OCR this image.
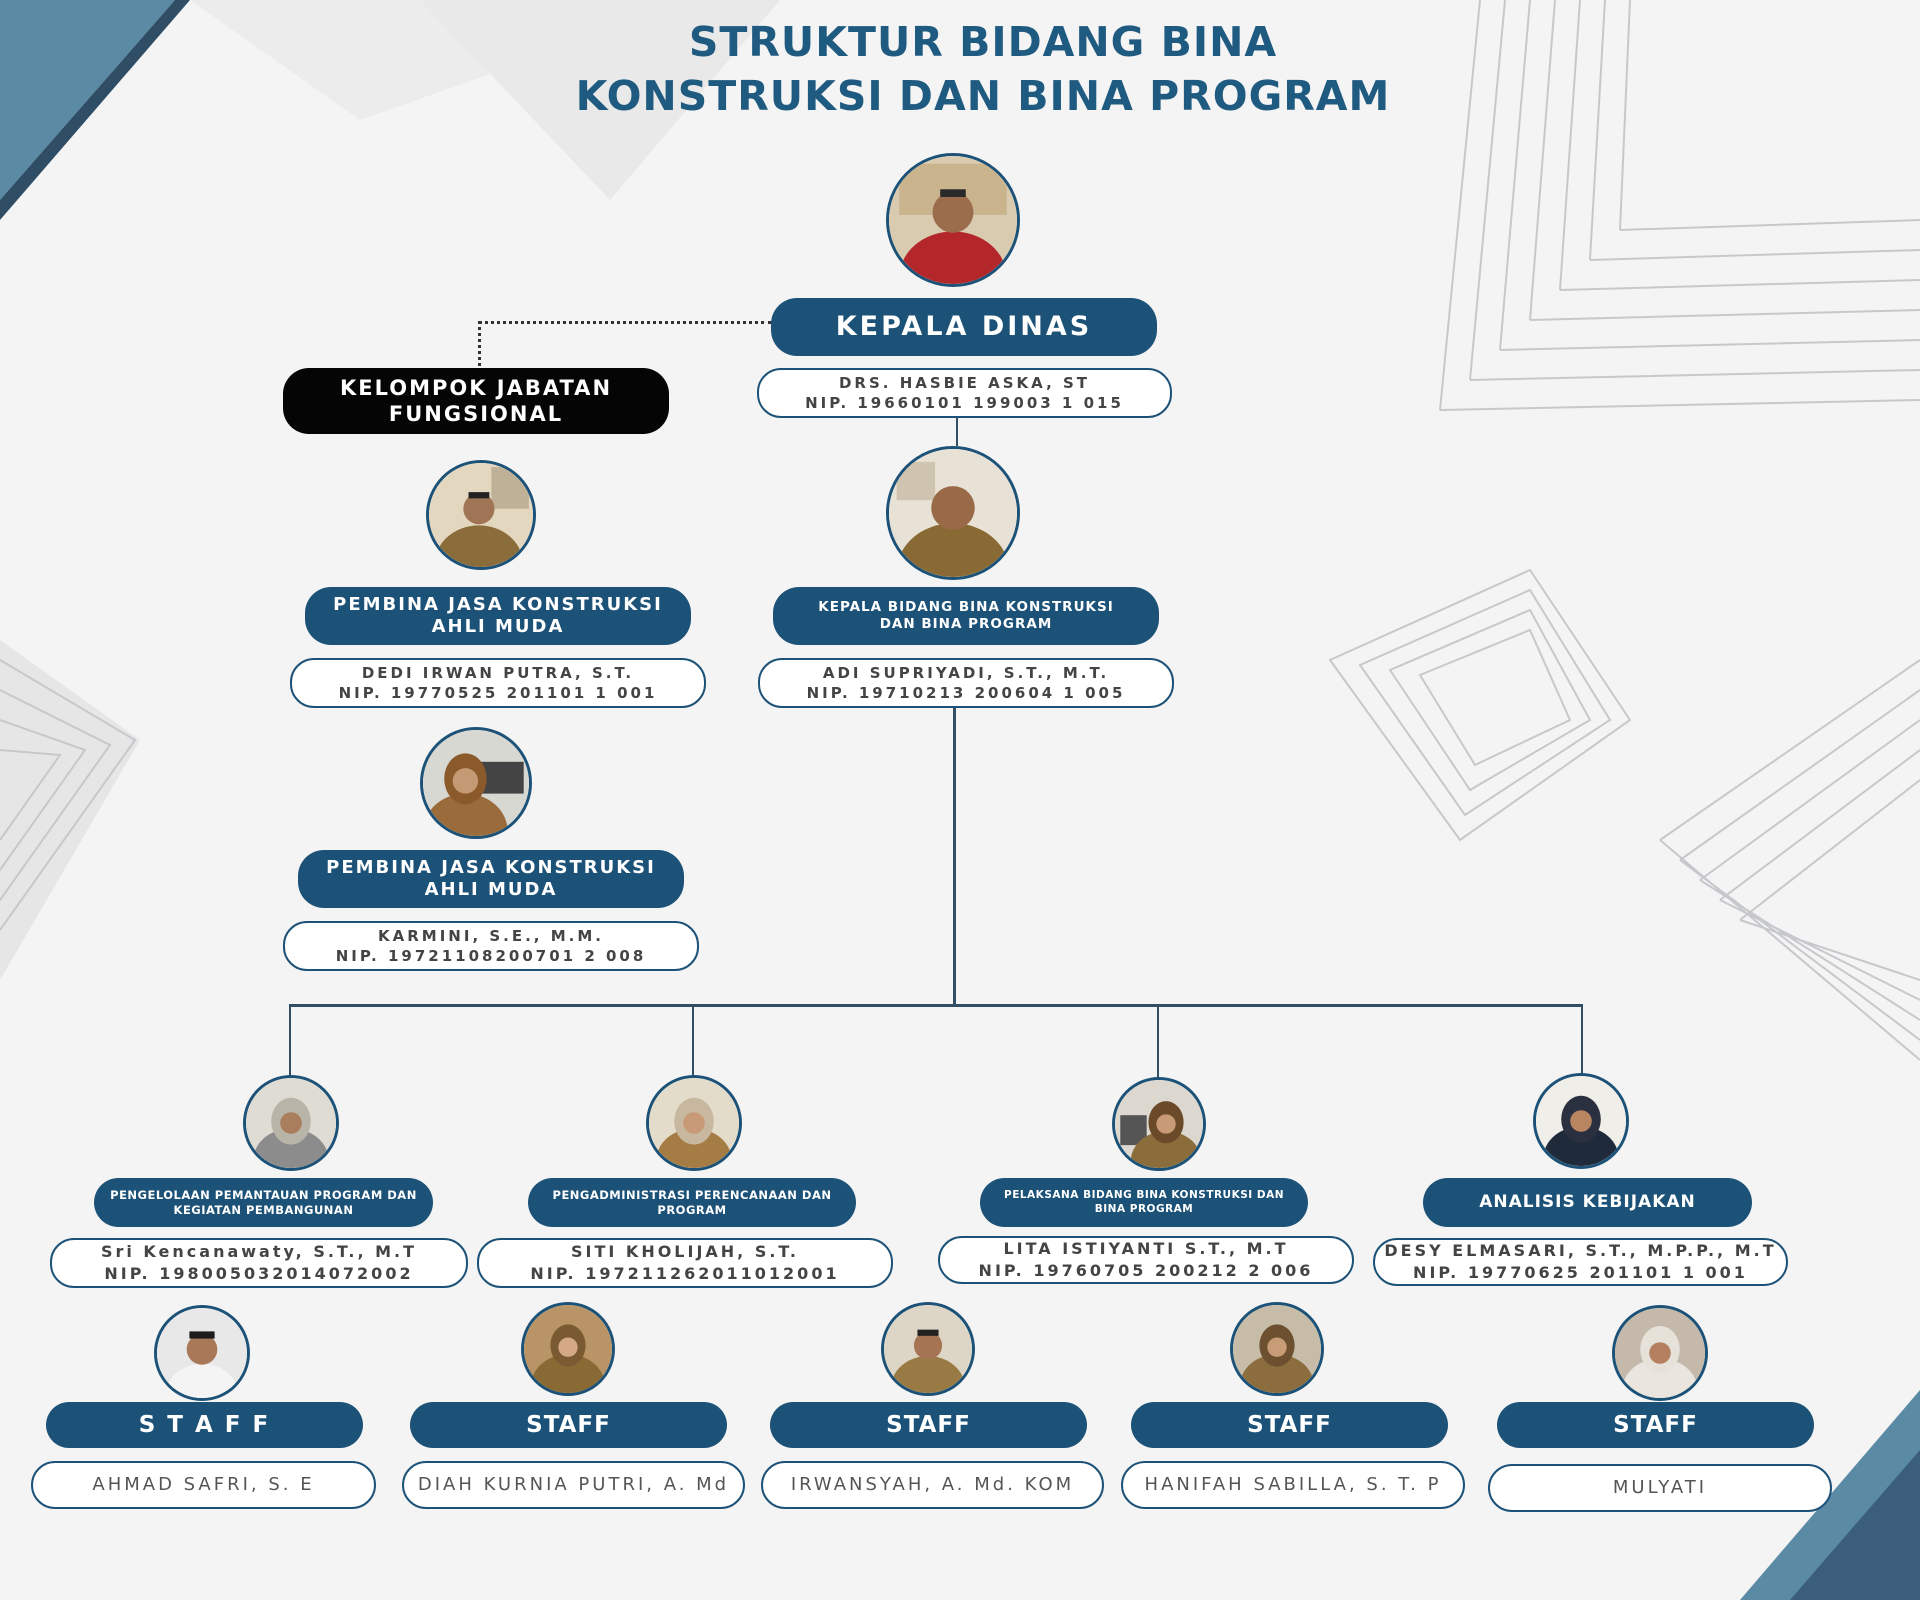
STRUKTUR BIDANG BINA
KONSTRUKSI DAN BINA PROGRAM
KEPALA DINAS
DRS. HASBIE ASKA, ST
NIP. 19660101 199003 1 015
KELOMPOK JABATAN
FUNGSIONAL
PEMBINA JASA KONSTRUKSI
AHLI MUDA
DEDI IRWAN PUTRA, S.T.
NIP. 19770525 201101 1 001
PEMBINA JASA KONSTRUKSI
AHLI MUDA
KARMINI, S.E., M.M.
NIP. 19721108200701 2 008
KEPALA BIDANG BINA KONSTRUKSI
DAN BINA PROGRAM
ADI SUPRIYADI, S.T., M.T.
NIP. 19710213 200604 1 005
PENGELOLAAN PEMANTAUAN PROGRAM DAN
KEGIATAN PEMBANGUNAN
Sri Kencanawaty, S.T., M.T
NIP. 198005032014072002
PENGADMINISTRASI PERENCANAAN DAN
PROGRAM
SITI KHOLIJAH, S.T.
NIP. 197211262011012001
PELAKSANA BIDANG BINA KONSTRUKSI DAN
BINA PROGRAM
LITA ISTIYANTI S.T., M.T
NIP. 19760705 200212 2 006
ANALISIS KEBIJAKAN
DESY ELMASARI, S.T., M.P.P., M.T
NIP. 19770625 201101 1 001
S T A F F
AHMAD SAFRI, S. E
STAFF
DIAH KURNIA PUTRI, A. Md
STAFF
IRWANSYAH, A. Md. KOM
STAFF
HANIFAH SABILLA, S. T. P
STAFF
MULYATI
